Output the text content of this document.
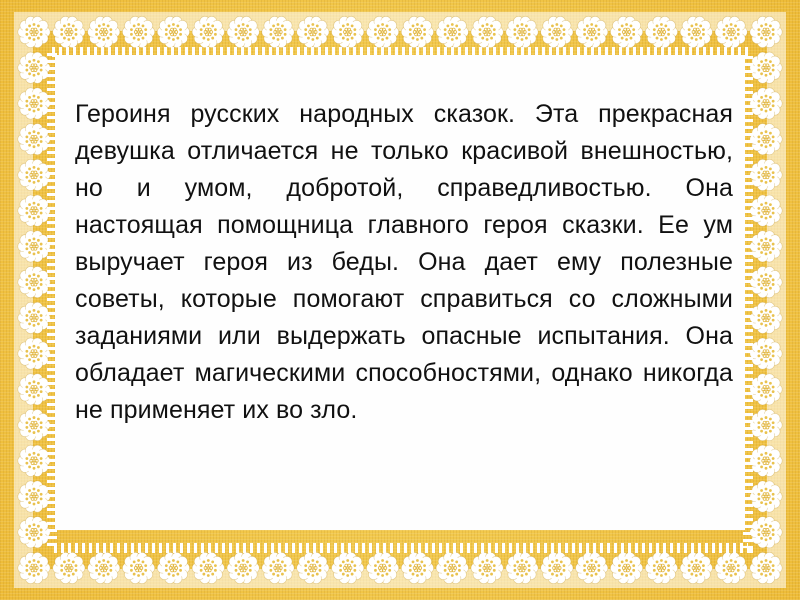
Героиня русских народных сказок. Эта прекрасная девушка отличается не только красивой внешностью, но и умом, добротой, справедливостью. Она настоящая помощница главного героя сказки. Ее ум выручает героя из беды. Она дает ему полезные советы, которые помогают справиться со сложными заданиями или выдержать опасные испытания. Она обладает магическими способностями, однако никогда не применяет их во зло.
